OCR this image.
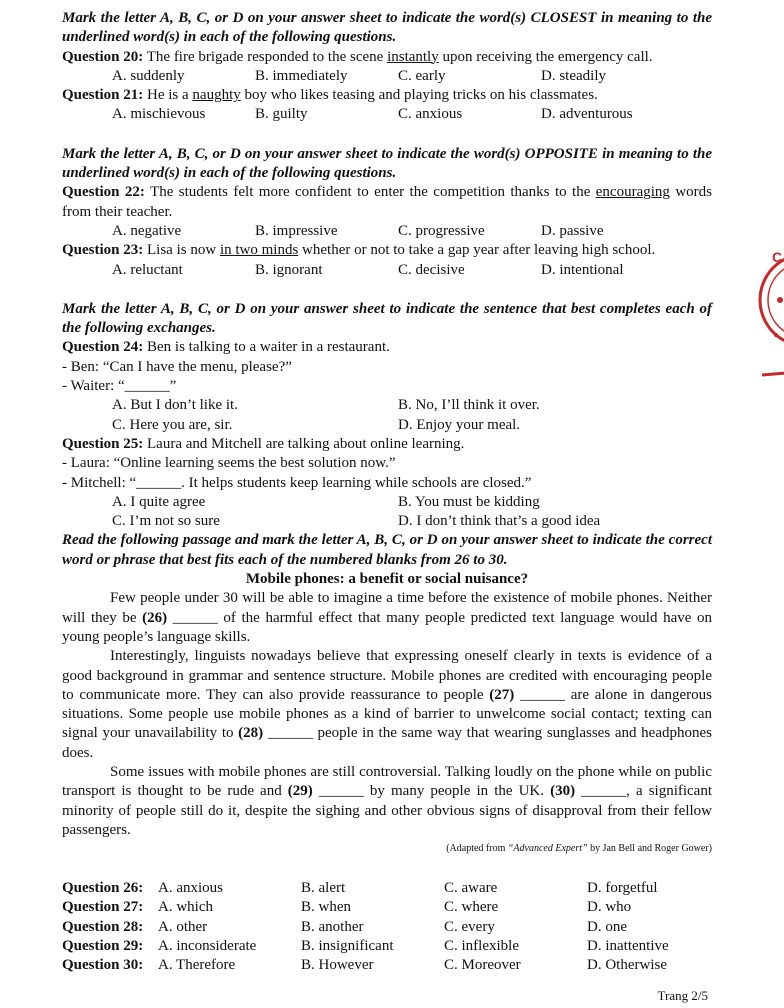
Mark the letter A, B, C, or D on your answer sheet to indicate the word(s) CLOSEST in meaning to the underlined word(s) in each of the following questions.
Question 20: The fire brigade responded to the scene instantly upon receiving the emergency call.
A. suddenly	B. immediately	C. early	D. steadily
Question 21: He is a naughty boy who likes teasing and playing tricks on his classmates.
A. mischievous	B. guilty	C. anxious	D. adventurous
Mark the letter A, B, C, or D on your answer sheet to indicate the word(s) OPPOSITE in meaning to the underlined word(s) in each of the following questions.
Question 22: The students felt more confident to enter the competition thanks to the encouraging words from their teacher.
A. negative	B. impressive	C. progressive	D. passive
Question 23: Lisa is now in two minds whether or not to take a gap year after leaving high school.
A. reluctant	B. ignorant	C. decisive	D. intentional
Mark the letter A, B, C, or D on your answer sheet to indicate the sentence that best completes each of the following exchanges.
Question 24: Ben is talking to a waiter in a restaurant.
- Ben: “Can I have the menu, please?”
- Waiter: “______”
A. But I don’t like it.	B. No, I’ll think it over.
C. Here you are, sir.	D. Enjoy your meal.
Question 25: Laura and Mitchell are talking about online learning.
- Laura: “Online learning seems the best solution now.”
- Mitchell: “______. It helps students keep learning while schools are closed.”
A. I quite agree	B. You must be kidding
C. I’m not so sure	D. I don’t think that’s a good idea
Read the following passage and mark the letter A, B, C, or D on your answer sheet to indicate the correct word or phrase that best fits each of the numbered blanks from 26 to 30.
Mobile phones: a benefit or social nuisance?
Few people under 30 will be able to imagine a time before the existence of mobile phones. Neither will they be (26) ______ of the harmful effect that many people predicted text language would have on young people’s language skills.
Interestingly, linguists nowadays believe that expressing oneself clearly in texts is evidence of a good background in grammar and sentence structure. Mobile phones are credited with encouraging people to communicate more. They can also provide reassurance to people (27) ______ are alone in dangerous situations. Some people use mobile phones as a kind of barrier to unwelcome social contact; texting can signal your unavailability to (28) ______ people in the same way that wearing sunglasses and headphones does.
Some issues with mobile phones are still controversial. Talking loudly on the phone while on public transport is thought to be rude and (29) ______ by many people in the UK. (30) ______, a significant minority of people still do it, despite the sighing and other obvious signs of disapproval from their fellow passengers.
(Adapted from “Advanced Expert” by Jan Bell and Roger Gower)
Question 26: A. anxious	B. alert	C. aware	D. forgetful
Question 27: A. which	B. when	C. where	D. who
Question 28: A. other	B. another	C. every	D. one
Question 29: A. inconsiderate	B. insignificant	C. inflexible	D. inattentive
Question 30: A. Therefore	B. However	C. Moreover	D. Otherwise
Trang 2/5
C
